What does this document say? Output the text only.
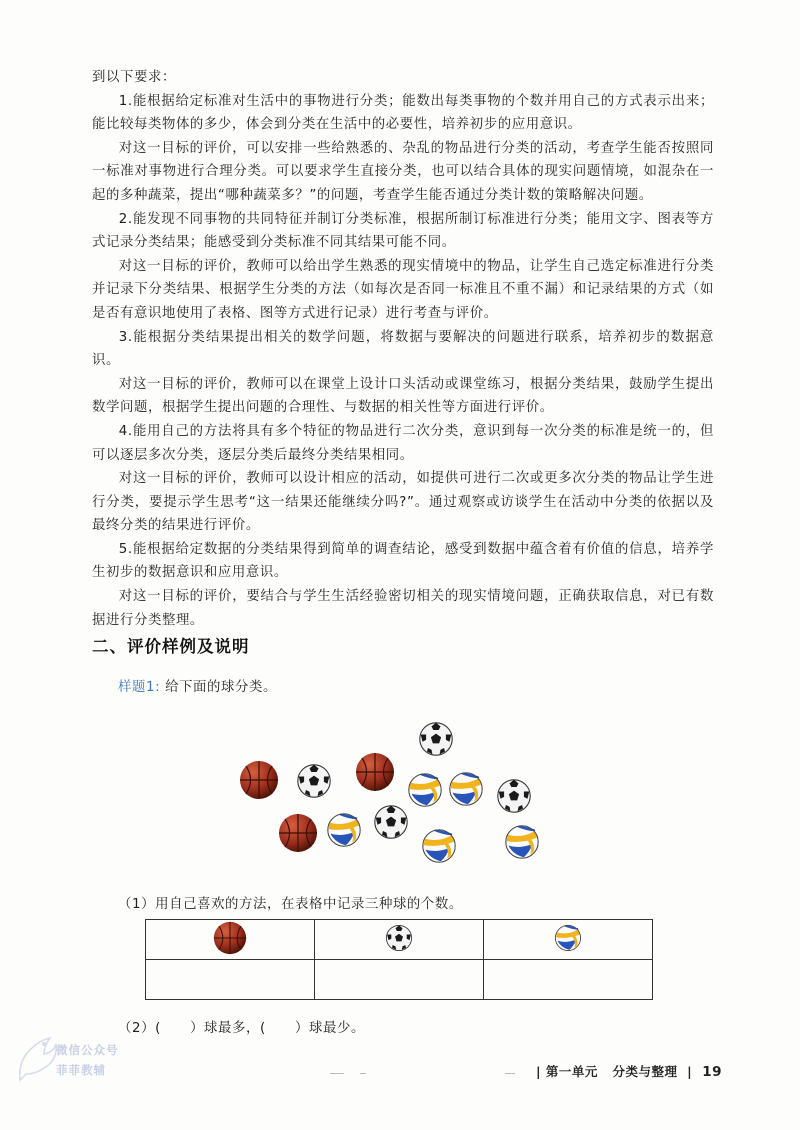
到以下要求：

1.能根据给定标准对生活中的事物进行分类；能数出每类事物的个数并用自己的方式表示出来；能比较每类物体的多少，体会到分类在生活中的必要性，培养初步的应用意识。

对这一目标的评价，可以安排一些给熟悉的、杂乱的物品进行分类的活动，考查学生能否按照同一标准对事物进行合理分类。可以要求学生直接分类，也可以结合具体的现实问题情境，如混杂在一起的多种蔬菜，提出“哪种蔬菜多？”的问题，考查学生能否通过分类计数的策略解决问题。

2.能发现不同事物的共同特征并制订分类标准，根据所制订标准进行分类；能用文字、图表等方式记录分类结果；能感受到分类标准不同其结果可能不同。

对这一目标的评价，教师可以给出学生熟悉的现实情境中的物品，让学生自己选定标准进行分类并记录下分类结果、根据学生分类的方法（如每次是否同一标准且不重不漏）和记录结果的方式（如是否有意识地使用了表格、图等方式进行记录）进行考查与评价。

3.能根据分类结果提出相关的数学问题，将数据与要解决的问题进行联系，培养初步的数据意识。

对这一目标的评价，教师可以在课堂上设计口头活动或课堂练习，根据分类结果，鼓励学生提出数学问题，根据学生提出问题的合理性、与数据的相关性等方面进行评价。

4.能用自己的方法将具有多个特征的物品进行二次分类，意识到每一次分类的标准是统一的，但可以逐层多次分类，逐层分类后最终分类结果相同。

对这一目标的评价，教师可以设计相应的活动，如提供可进行二次或更多次分类的物品让学生进行分类，要提示学生思考“这一结果还能继续分吗?”。通过观察或访谈学生在活动中分类的依据以及最终分类的结果进行评价。

5.能根据给定数据的分类结果得到简单的调查结论，感受到数据中蕴含着有价值的信息，培养学生初步的数据意识和应用意识。

对这一目标的评价，要结合与学生生活经验密切相关的现实情境问题，正确获取信息，对已有数据进行分类整理。

二、评价样例及说明
样题1: 给下面的球分类。
（1）用自己喜欢的方法，在表格中记录三种球的个数。

（2）(      ）球最多，(      ）球最少。
| 第一单元   分类与整理  | 19
微信公众号
菲菲教辅
